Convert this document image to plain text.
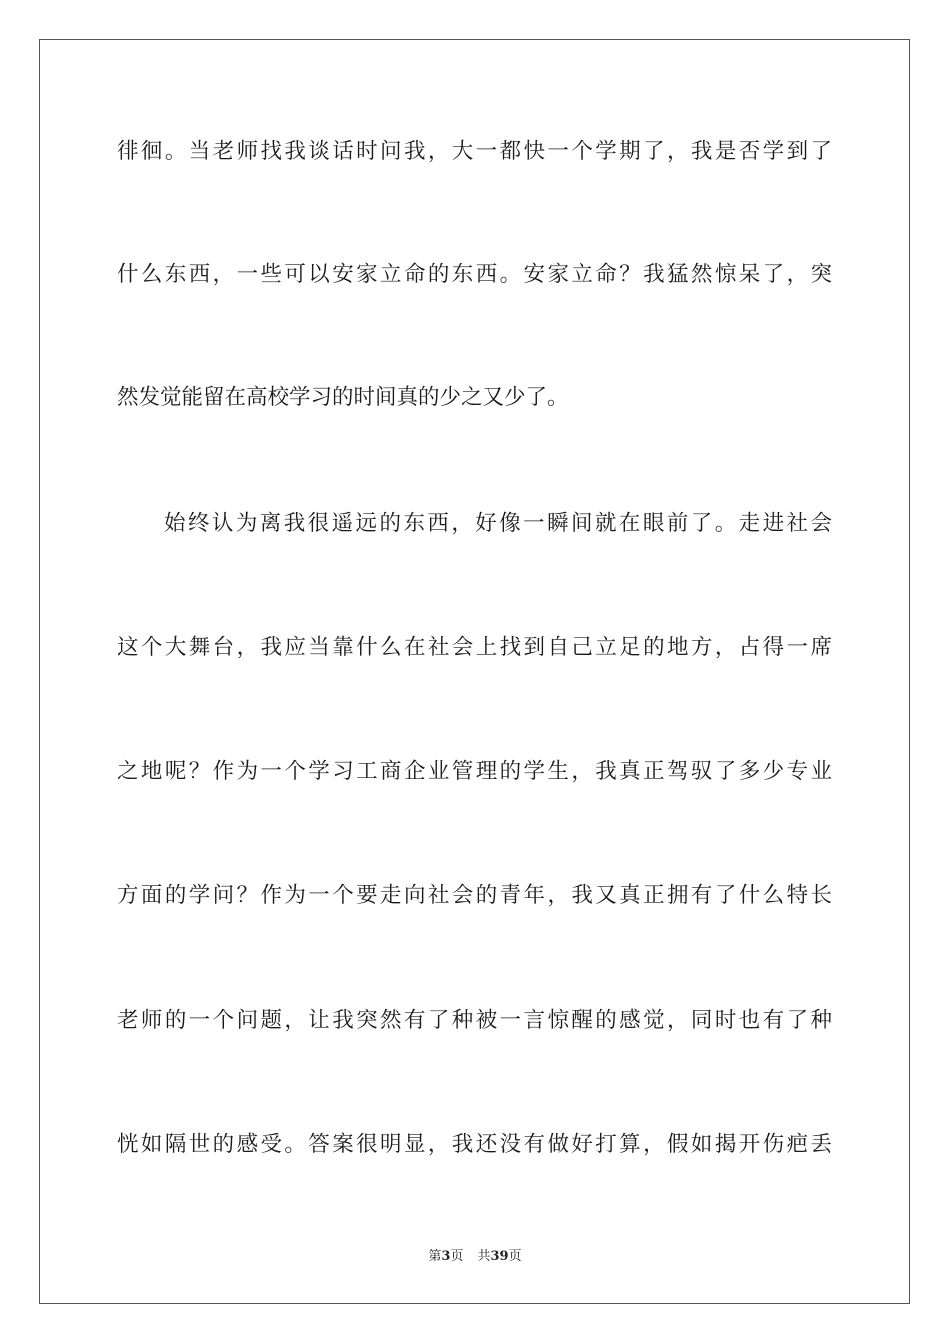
徘徊。当老师找我谈话时问我，大一都快一个学期了，我是否学到了
什么东西，一些可以安家立命的东西。安家立命？我猛然惊呆了，突
然发觉能留在高校学习的时间真的少之又少了。
始终认为离我很遥远的东西，好像一瞬间就在眼前了。走进社会
这个大舞台，我应当靠什么在社会上找到自己立足的地方，占得一席
之地呢？作为一个学习工商企业管理的学生，我真正驾驭了多少专业
方面的学问？作为一个要走向社会的青年，我又真正拥有了什么特长
老师的一个问题，让我突然有了种被一言惊醒的感觉，同时也有了种
恍如隔世的感受。答案很明显，我还没有做好打算，假如揭开伤疤丢
第3页 共39页
